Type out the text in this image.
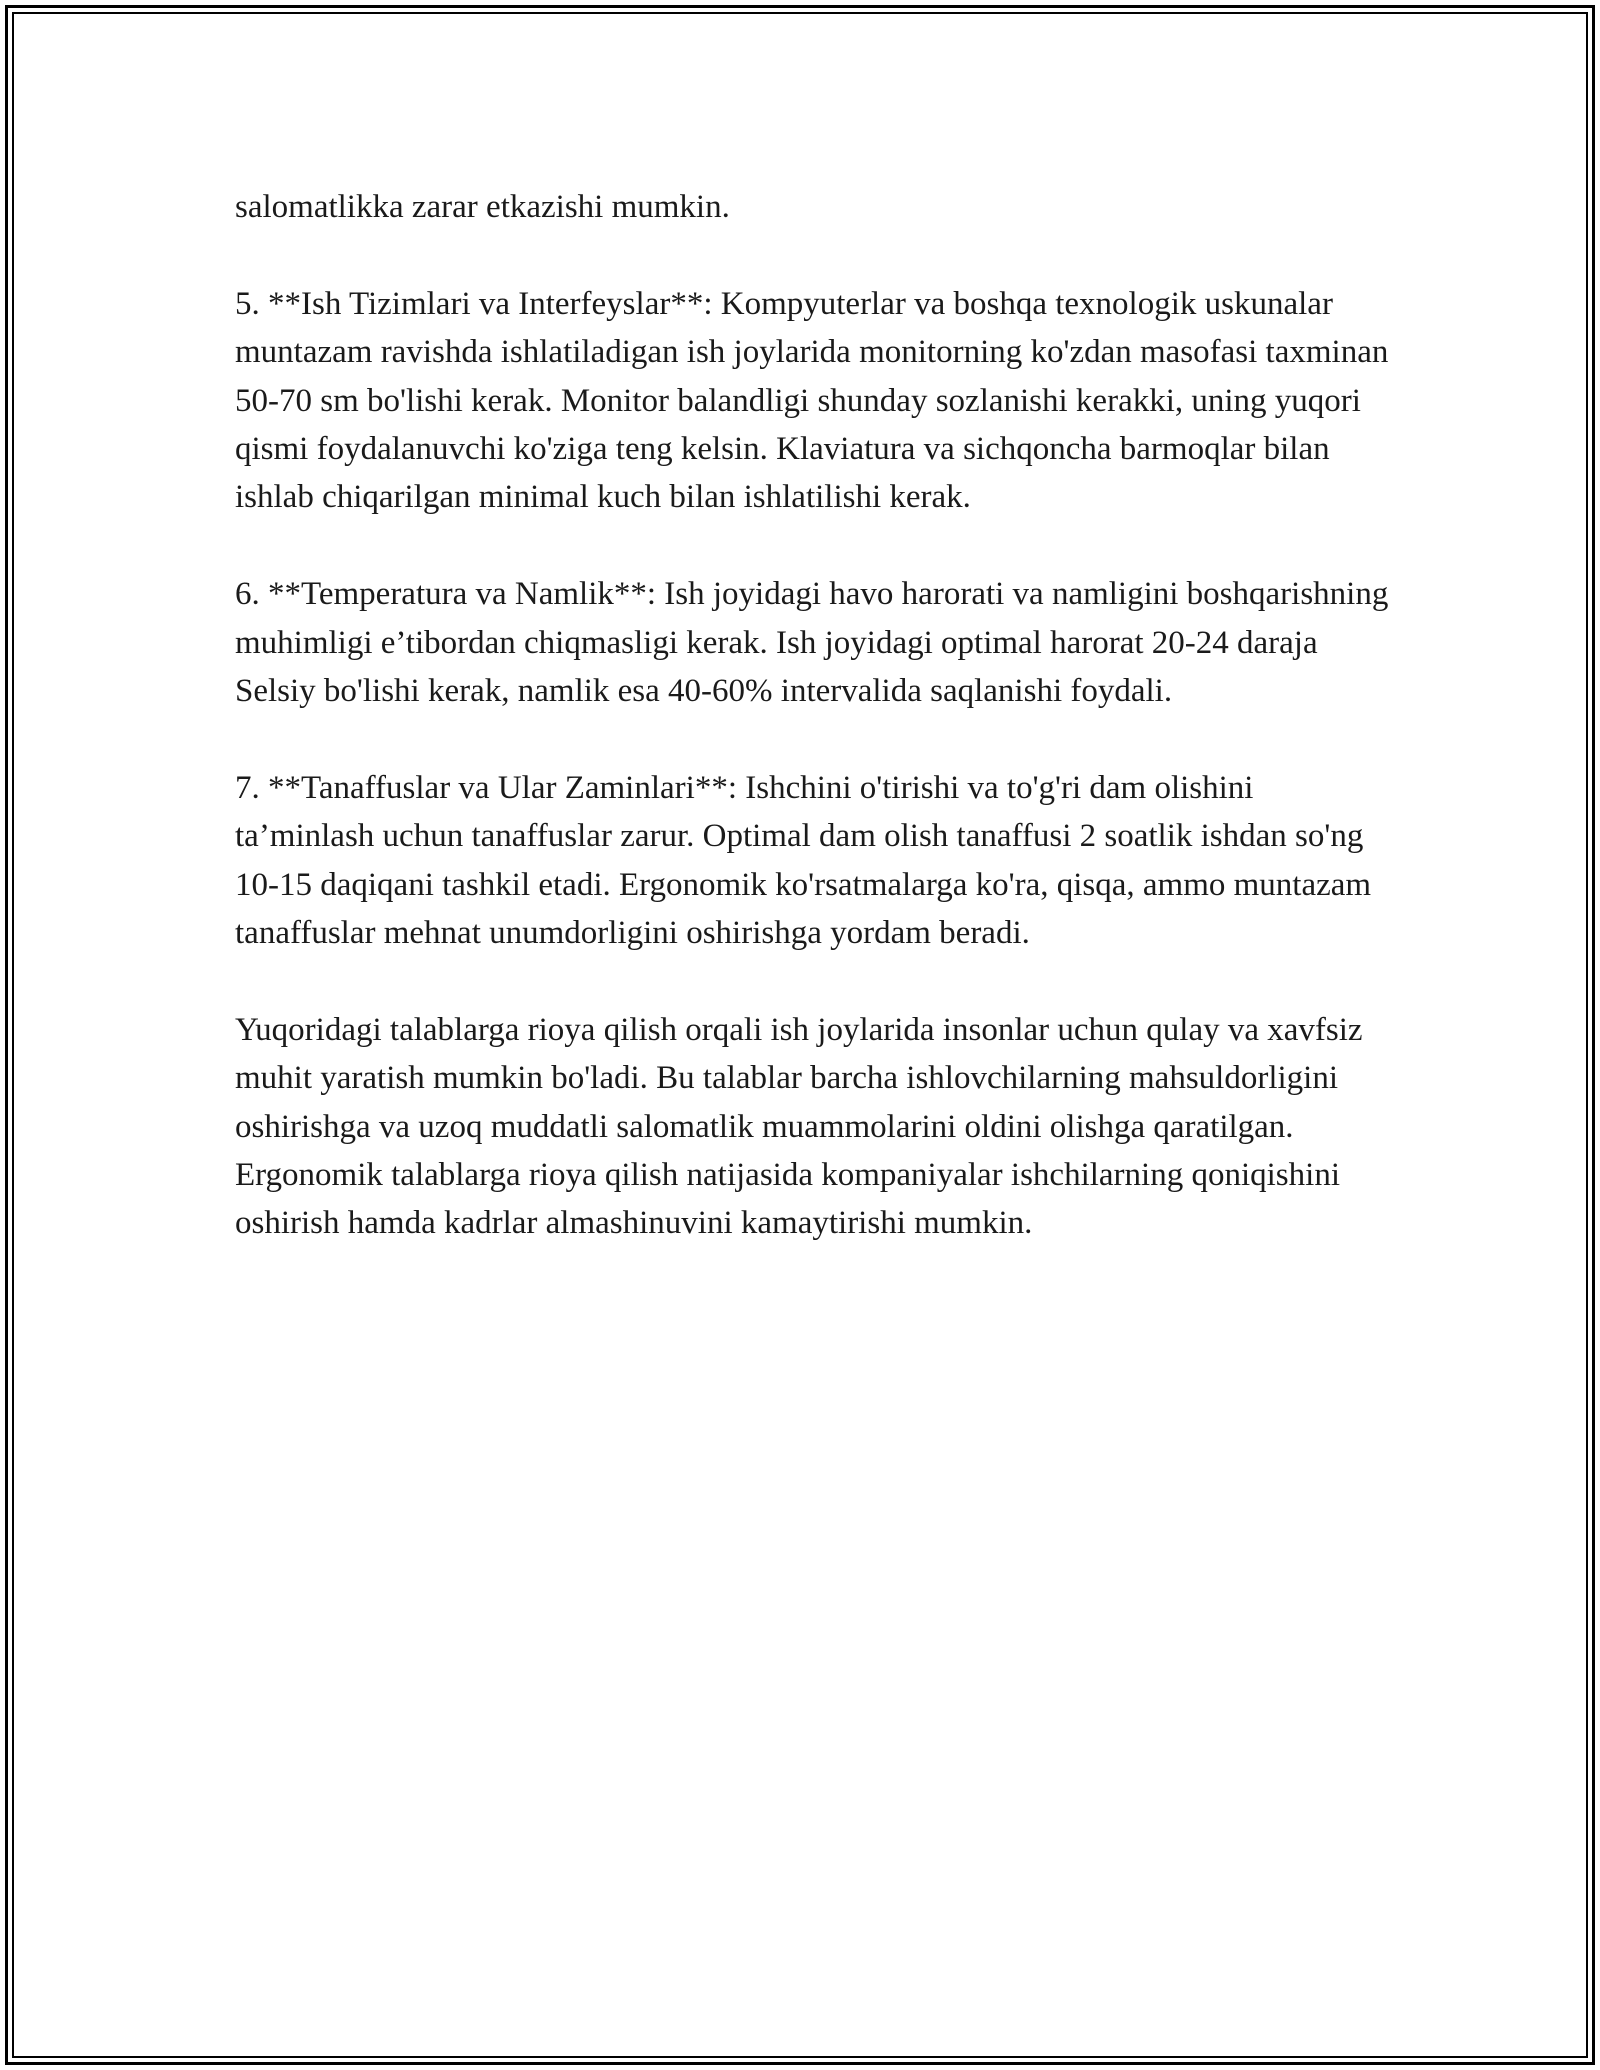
salomatlikka zarar etkazishi mumkin.

5. **Ish Tizimlari va Interfeyslar**: Kompyuterlar va boshqa texnologik uskunalar muntazam ravishda ishlatiladigan ish joylarida monitorning ko'zdan masofasi taxminan 50-70 sm bo'lishi kerak. Monitor balandligi shunday sozlanishi kerakki, uning yuqori qismi foydalanuvchi ko'ziga teng kelsin. Klaviatura va sichqoncha barmoqlar bilan ishlab chiqarilgan minimal kuch bilan ishlatilishi kerak.

6. **Temperatura va Namlik**: Ish joyidagi havo harorati va namligini boshqarishning muhimligi e’tibordan chiqmasligi kerak. Ish joyidagi optimal harorat 20-24 daraja Selsiy bo'lishi kerak, namlik esa 40-60% intervalida saqlanishi foydali.

7. **Tanaffuslar va Ular Zaminlari**: Ishchini o'tirishi va to'g'ri dam olishini ta’minlash uchun tanaffuslar zarur. Optimal dam olish tanaffusi 2 soatlik ishdan so'ng 10-15 daqiqani tashkil etadi. Ergonomik ko'rsatmalarga ko'ra, qisqa, ammo muntazam tanaffuslar mehnat unumdorligini oshirishga yordam beradi.

Yuqoridagi talablarga rioya qilish orqali ish joylarida insonlar uchun qulay va xavfsiz muhit yaratish mumkin bo'ladi. Bu talablar barcha ishlovchilarning mahsuldorligini oshirishga va uzoq muddatli salomatlik muammolarini oldini olishga qaratilgan. Ergonomik talablarga rioya qilish natijasida kompaniyalar ishchilarning qoniqishini oshirish hamda kadrlar almashinuvini kamaytirishi mumkin.
